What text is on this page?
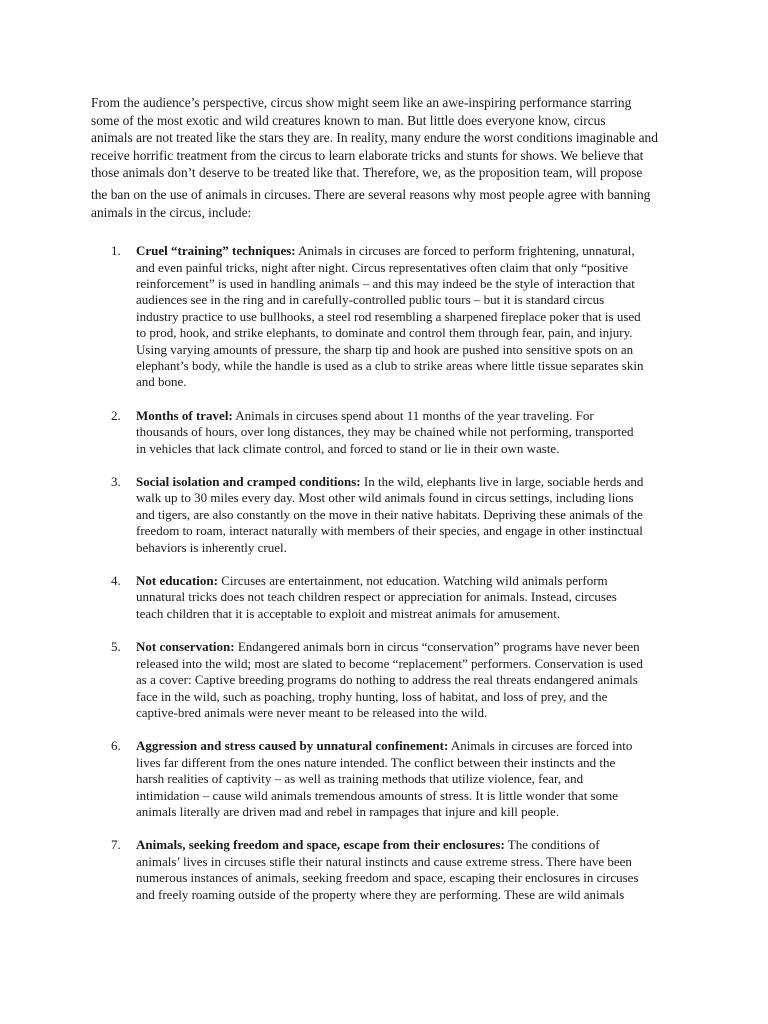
From the audience’s perspective, circus show might seem like an awe-inspiring performance starring
some of the most exotic and wild creatures known to man. But little does everyone know, circus
animals are not treated like the stars they are. In reality, many endure the worst conditions imaginable and
receive horrific treatment from the circus to learn elaborate tricks and stunts for shows. We believe that
those animals don’t deserve to be treated like that. Therefore, we, as the proposition team, will propose
the ban on the use of animals in circuses. There are several reasons why most people agree with banning
animals in the circus, include:

1. Cruel “training” techniques: Animals in circuses are forced to perform frightening, unnatural,
and even painful tricks, night after night. Circus representatives often claim that only “positive
reinforcement” is used in handling animals – and this may indeed be the style of interaction that
audiences see in the ring and in carefully-controlled public tours – but it is standard circus
industry practice to use bullhooks, a steel rod resembling a sharpened fireplace poker that is used
to prod, hook, and strike elephants, to dominate and control them through fear, pain, and injury.
Using varying amounts of pressure, the sharp tip and hook are pushed into sensitive spots on an
elephant’s body, while the handle is used as a club to strike areas where little tissue separates skin
and bone.
2. Months of travel: Animals in circuses spend about 11 months of the year traveling. For
thousands of hours, over long distances, they may be chained while not performing, transported
in vehicles that lack climate control, and forced to stand or lie in their own waste.
3. Social isolation and cramped conditions: In the wild, elephants live in large, sociable herds and
walk up to 30 miles every day. Most other wild animals found in circus settings, including lions
and tigers, are also constantly on the move in their native habitats. Depriving these animals of the
freedom to roam, interact naturally with members of their species, and engage in other instinctual
behaviors is inherently cruel.
4. Not education: Circuses are entertainment, not education. Watching wild animals perform
unnatural tricks does not teach children respect or appreciation for animals. Instead, circuses
teach children that it is acceptable to exploit and mistreat animals for amusement.
5. Not conservation: Endangered animals born in circus “conservation” programs have never been
released into the wild; most are slated to become “replacement” performers. Conservation is used
as a cover: Captive breeding programs do nothing to address the real threats endangered animals
face in the wild, such as poaching, trophy hunting, loss of habitat, and loss of prey, and the
captive-bred animals were never meant to be released into the wild.
6. Aggression and stress caused by unnatural confinement: Animals in circuses are forced into
lives far different from the ones nature intended. The conflict between their instincts and the
harsh realities of captivity – as well as training methods that utilize violence, fear, and
intimidation – cause wild animals tremendous amounts of stress. It is little wonder that some
animals literally are driven mad and rebel in rampages that injure and kill people.
7. Animals, seeking freedom and space, escape from their enclosures: The conditions of
animals’ lives in circuses stifle their natural instincts and cause extreme stress. There have been
numerous instances of animals, seeking freedom and space, escaping their enclosures in circuses
and freely roaming outside of the property where they are performing. These are wild animals
